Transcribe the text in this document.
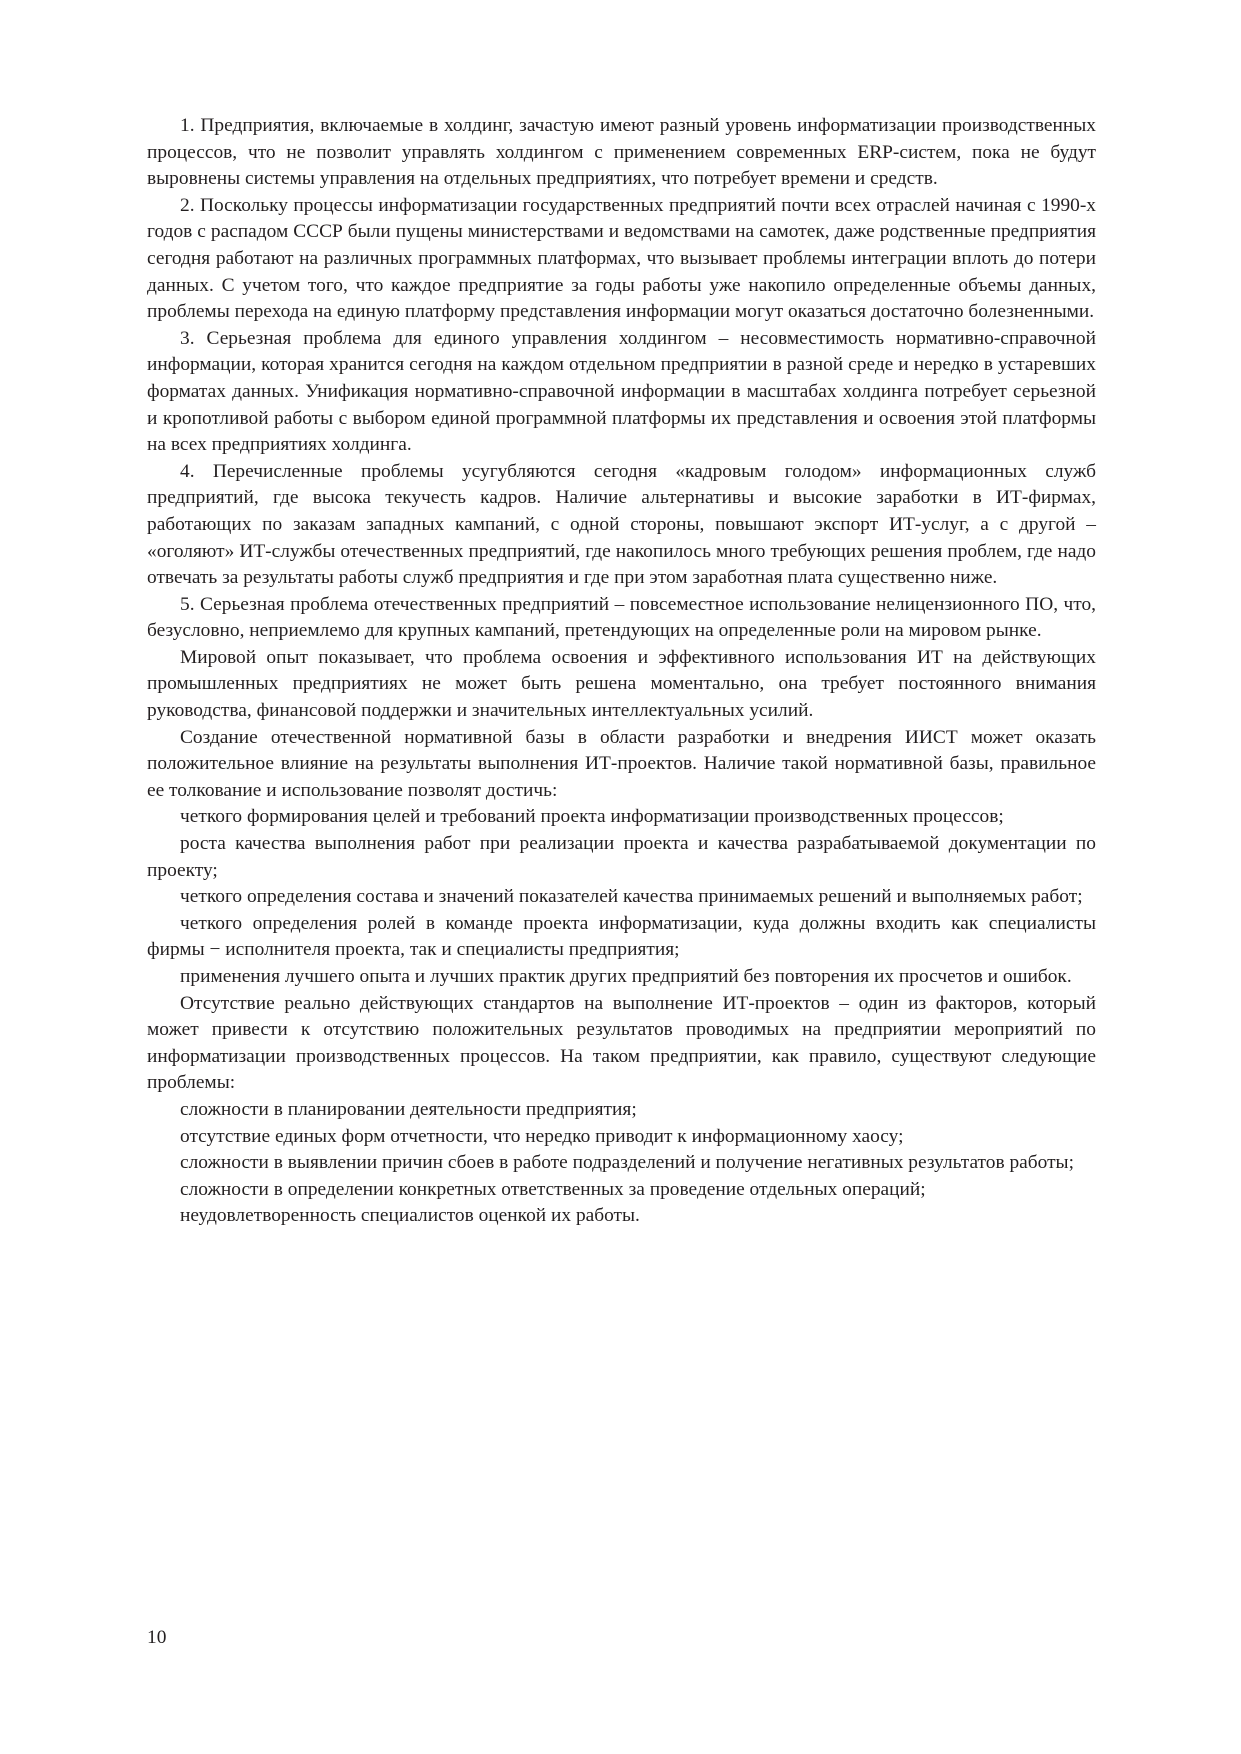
1. Предприятия, включаемые в холдинг, зачастую имеют разный уровень информатизации производственных процессов, что не позволит управлять холдингом с применением современных ERP-систем, пока не будут выровнены системы управления на отдельных предприятиях, что потребует времени и средств.

2. Поскольку процессы информатизации государственных предприятий почти всех отраслей начиная с 1990-х годов с распадом СССР были пущены министерствами и ведомствами на самотек, даже родственные предприятия сегодня работают на различных программных платформах, что вызывает проблемы интеграции вплоть до потери данных. С учетом того, что каждое предприятие за годы работы уже накопило определенные объемы данных, проблемы перехода на единую платформу представления информации могут оказаться достаточно болезненными.

3. Серьезная проблема для единого управления холдингом – несовместимость нормативно-справочной информации, которая хранится сегодня на каждом отдельном предприятии в разной среде и нередко в устаревших форматах данных. Унификация нормативно-справочной информации в масштабах холдинга потребует серьезной и кропотливой работы с выбором единой программной платформы их представления и освоения этой платформы на всех предприятиях холдинга.

4. Перечисленные проблемы усугубляются сегодня «кадровым голодом» информационных служб предприятий, где высока текучесть кадров. Наличие альтернативы и высокие заработки в ИТ-фирмах, работающих по заказам западных кампаний, с одной стороны, повышают экспорт ИТ-услуг, а с другой – «оголяют» ИТ-службы отечественных предприятий, где накопилось много требующих решения проблем, где надо отвечать за результаты работы служб предприятия и где при этом заработная плата существенно ниже.

5. Серьезная проблема отечественных предприятий – повсеместное использование нелицензионного ПО, что, безусловно, неприемлемо для крупных кампаний, претендующих на определенные роли на мировом рынке.

Мировой опыт показывает, что проблема освоения и эффективного использования ИТ на действующих промышленных предприятиях не может быть решена моментально, она требует постоянного внимания руководства, финансовой поддержки и значительных интеллектуальных усилий.

Создание отечественной нормативной базы в области разработки и внедрения ИИСТ может оказать положительное влияние на результаты выполнения ИТ-проектов. Наличие такой нормативной базы, правильное ее толкование и использование позволят достичь:

четкого формирования целей и требований проекта информатизации производственных процессов;

роста качества выполнения работ при реализации проекта и качества разрабатываемой документации по проекту;

четкого определения состава и значений показателей качества принимаемых решений и выполняемых работ;

четкого определения ролей в команде проекта информатизации, куда должны входить как специалисты фирмы − исполнителя проекта, так и специалисты предприятия;

применения лучшего опыта и лучших практик других предприятий без повторения их просчетов и ошибок.

Отсутствие реально действующих стандартов на выполнение ИТ-проектов – один из факторов, который может привести к отсутствию положительных результатов проводимых на предприятии мероприятий по информатизации производственных процессов. На таком предприятии, как правило, существуют следующие проблемы:

сложности в планировании деятельности предприятия;

отсутствие единых форм отчетности, что нередко приводит к информационному хаосу;

сложности в выявлении причин сбоев в работе подразделений и получение негативных результатов работы;

сложности в определении конкретных ответственных за проведение отдельных операций;

неудовлетворенность специалистов оценкой их работы.

10
